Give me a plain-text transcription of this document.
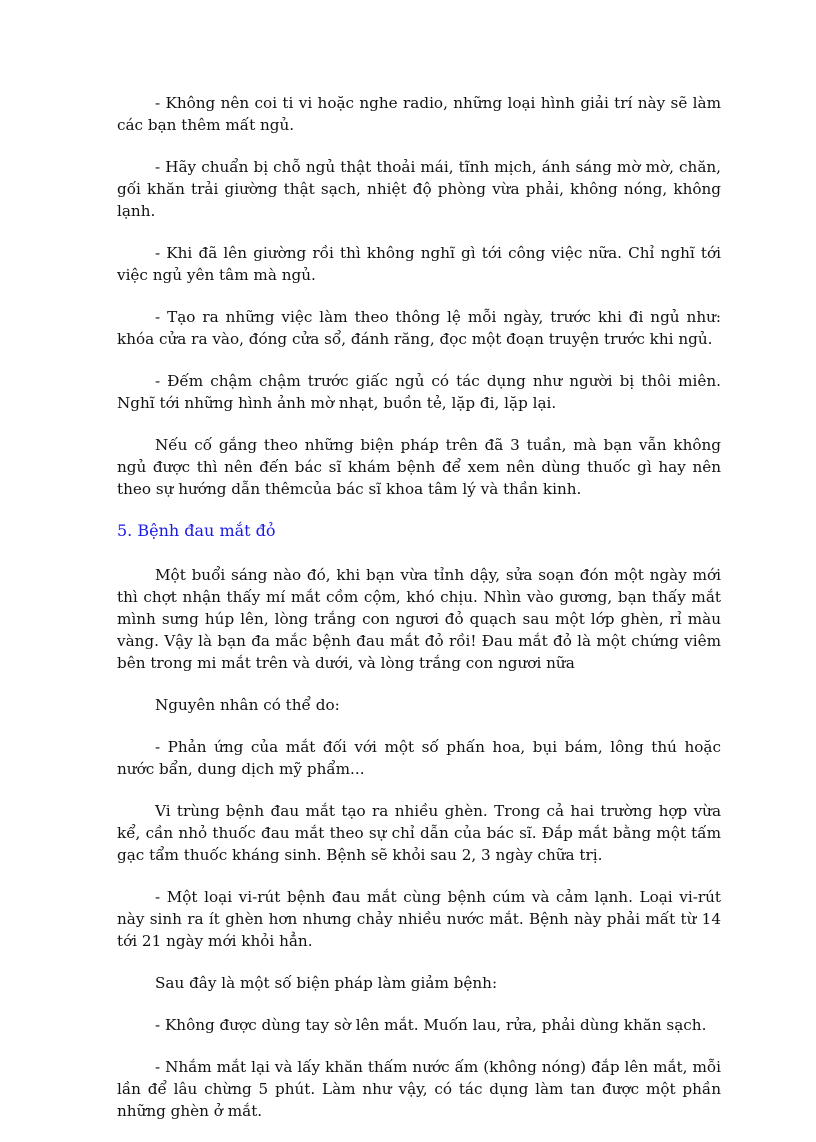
- Không nên coi ti vi hoặc nghe radio, những loại hình giải trí này sẽ làm các bạn thêm mất ngủ.

- Hãy chuẩn bị chỗ ngủ thật thoải mái, tĩnh mịch, ánh sáng mờ mờ, chăn, gối khăn trải giường thật sạch, nhiệt độ phòng vừa phải, không nóng, không lạnh.

- Khi đã lên giường rồi thì không nghĩ gì tới công việc nữa. Chỉ nghĩ tới việc ngủ yên tâm mà ngủ.

- Tạo ra những việc làm theo thông lệ mỗi ngày, trước khi đi ngủ như: khóa cửa ra vào, đóng cửa sổ, đánh răng, đọc một đoạn truyện trước khi ngủ.

- Đếm chậm chậm trước giấc ngủ có tác dụng như người bị thôi miên. Nghĩ tới những hình ảnh mờ nhạt, buồn tẻ, lặp đi, lặp lại.

Nếu cố gắng theo những biện pháp trên đã 3 tuần, mà bạn vẫn không ngủ được thì nên đến bác sĩ khám bệnh để xem nên dùng thuốc gì hay nên theo sự hướng dẫn thêmcủa bác sĩ khoa tâm lý và thần kinh.

5. Bệnh đau mắt đỏ

Một buổi sáng nào đó, khi bạn vừa tỉnh dậy, sửa soạn đón một ngày mới thì chợt nhận thấy mí mắt cồm cộm, khó chịu. Nhìn vào gương, bạn thấy mắt mình sưng húp lên, lòng trắng con ngươi đỏ quạch sau một lớp ghèn, rỉ màu vàng. Vậy là bạn đa mắc bệnh đau mắt đỏ rồi! Đau mắt đỏ là một chứng viêm bên trong mi mắt trên và dưới, và lòng trắng con ngươi nữa

Nguyên nhân có thể do:

- Phản ứng của mắt đối với một số phấn hoa, bụi bám, lông thú hoặc nước bẩn, dung dịch mỹ phẩm...

Vi trùng bệnh đau mắt tạo ra nhiều ghèn. Trong cả hai trường hợp vừa kể, cần nhỏ thuốc đau mắt theo sự chỉ dẫn của bác sĩ. Đắp mắt bằng một tấm gạc tẩm thuốc kháng sinh. Bệnh sẽ khỏi sau 2, 3 ngày chữa trị.

- Một loại vi-rút bệnh đau mắt cùng bệnh cúm và cảm lạnh. Loại vi-rút này sinh ra ít ghèn hơn nhưng chảy nhiều nước mắt. Bệnh này phải mất từ 14 tới 21 ngày mới khỏi hẳn.

Sau đây là một số biện pháp làm giảm bệnh:

- Không được dùng tay sờ lên mắt. Muốn lau, rửa, phải dùng khăn sạch.

- Nhắm mắt lại và lấy khăn thấm nước ấm (không nóng) đắp lên mắt, mỗi lần để lâu chừng 5 phút. Làm như vậy, có tác dụng làm tan được một phần những ghèn ở mắt.
